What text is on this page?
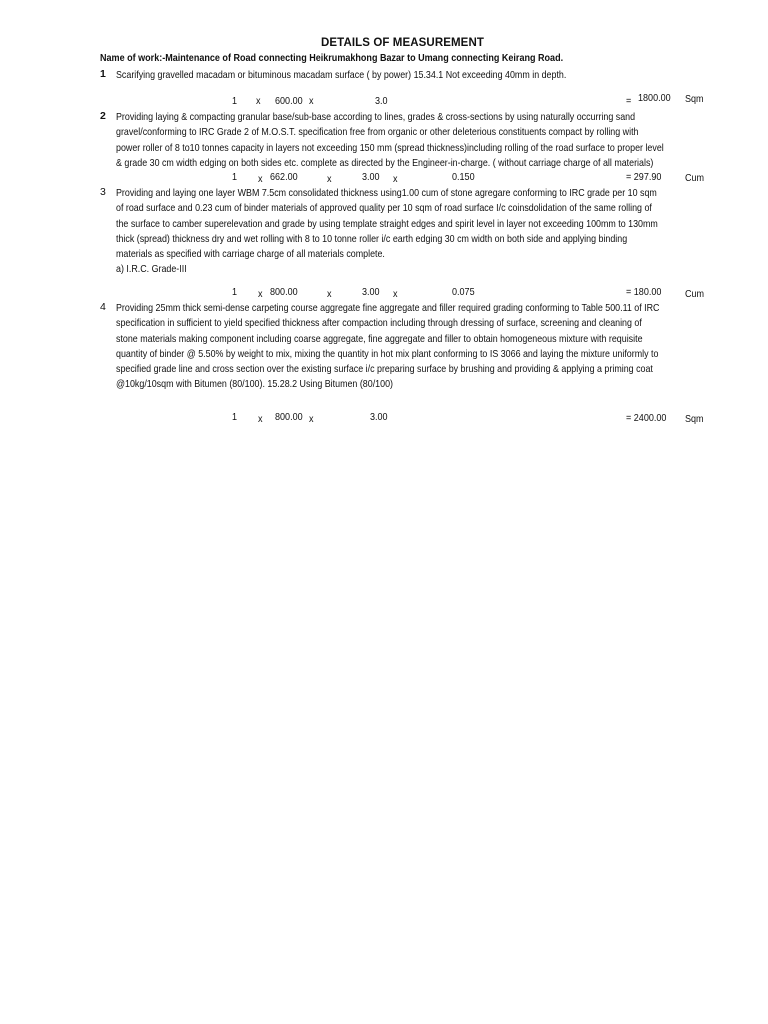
DETAILS OF MEASUREMENT
Name of work:-Maintenance of Road connecting Heikrumakhong Bazar to Umang connecting Keirang Road.
1 Scarifying gravelled macadam or bituminous macadam surface ( by power) 15.34.1 Not exceeding 40mm in depth.
1 x 600.00 x	3.0	= 1800.00 Sqm
2 Providing laying & compacting granular base/sub-base according to lines, grades & cross-sections by using naturally occurring sand
gravel/conforming to IRC Grade 2 of M.O.S.T. specification free from organic or other deleterious constituents compact by rolling with
power roller of 8 to10 tonnes capacity in layers not exceeding 150 mm (spread thickness)including rolling of the road surface to proper level
& grade 30 cm width edging on both sides etc. complete as directed by the Engineer-in-charge. ( without carriage charge of all materials)
1 x 662.00	x	3.00 x	0.150	= 297.90 Cum
3 Providing and laying one layer WBM 7.5cm consolidated thickness using1.00 cum of stone agregare conforming to IRC grade per 10 sqm
of road surface and 0.23 cum of binder materials of approved quality per 10 sqm of road surface I/c coinsdolidation of the same rolling of
the surface to camber superelevation and grade by using template straight edges and spirit level in layer not exceeding 100mm to 130mm
thick (spread) thickness dry and wet rolling with 8 to 10 tonne roller i/c earth edging 30 cm width on both side and applying binding
materials as specified with carriage charge of all materials complete.
a) I.R.C. Grade-III
1 x 800.00	x	3.00 x	0.075	= 180.00 Cum
4 Providing 25mm thick semi-dense carpeting course aggregate fine aggregate and filler required grading conforming to Table 500.11 of IRC
specification in sufficient to yield specified thickness after compaction including through dressing of surface, screening and cleaning of
stone materials making component including coarse aggregate, fine aggregate and filler to obtain homogeneous mixture with requisite
quantity of binder @ 5.50% by weight to mix, mixing the quantity in hot mix plant conforming to IS 3066 and laying the mixture uniformly to
specified grade line and cross section over the existing surface i/c preparing surface by brushing and providing & applying a priming coat
@10kg/10sqm with Bitumen (80/100). 15.28.2 Using Bitumen (80/100)
1 x 800.00 x	3.00	= 2400.00 Sqm
